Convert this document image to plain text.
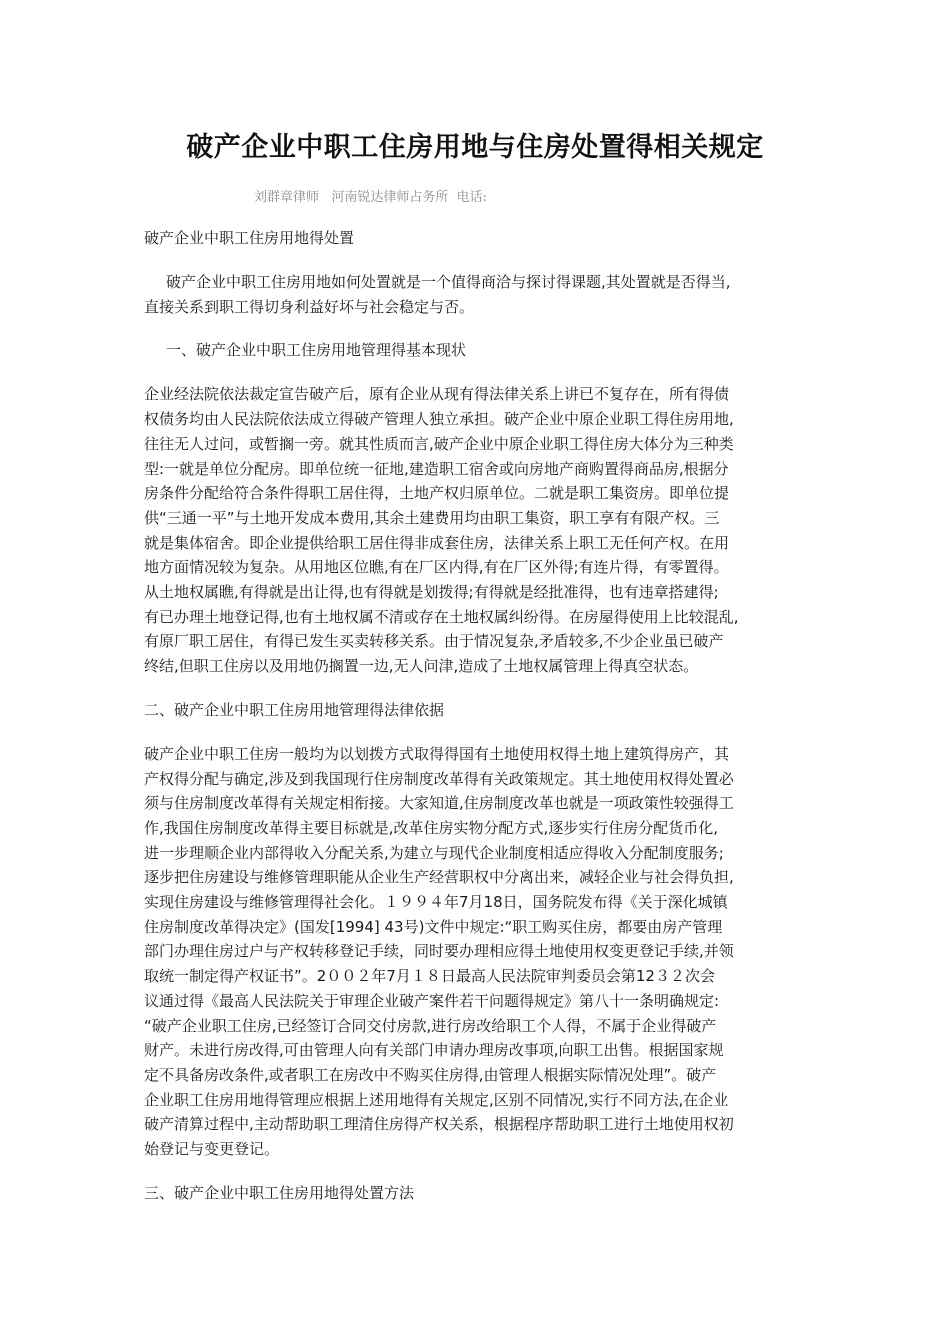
破产企业中职工住房用地与住房处置得相关规定
刘群章律师   河南锐达律师占务所  电话:
破产企业中职工住房用地得处置
破产企业中职工住房用地如何处置就是一个值得商洽与探讨得课题,其处置就是否得当,
直接关系到职工得切身利益好坏与社会稳定与否。
一、破产企业中职工住房用地管理得基本现状
企业经法院依法裁定宣告破产后，原有企业从现有得法律关系上讲已不复存在，所有得债
权债务均由人民法院依法成立得破产管理人独立承担。破产企业中原企业职工得住房用地,
往往无人过问，或暂搁一旁。就其性质而言,破产企业中原企业职工得住房大体分为三种类
型:一就是单位分配房。即单位统一征地,建造职工宿舍或向房地产商购置得商品房,根据分
房条件分配给符合条件得职工居住得，土地产权归原单位。二就是职工集资房。即单位提
供“三通一平”与土地开发成本费用,其余土建费用均由职工集资，职工享有有限产权。三
就是集体宿舍。即企业提供给职工居住得非成套住房，法律关系上职工无任何产权。在用
地方面情况较为复杂。从用地区位瞧,有在厂区内得,有在厂区外得;有连片得，有零置得。
从土地权属瞧,有得就是出让得,也有得就是划拨得;有得就是经批准得，也有违章搭建得;
有已办理土地登记得,也有土地权属不清或存在土地权属纠纷得。在房屋得使用上比较混乱,
有原厂职工居住，有得已发生买卖转移关系。由于情况复杂,矛盾较多,不少企业虽已破产
终结,但职工住房以及用地仍搁置一边,无人问津,造成了土地权属管理上得真空状态。
二、破产企业中职工住房用地管理得法律依据
破产企业中职工住房一般均为以划拨方式取得得国有土地使用权得土地上建筑得房产，其
产权得分配与确定,涉及到我国现行住房制度改革得有关政策规定。其土地使用权得处置必
须与住房制度改革得有关规定相衔接。大家知道,住房制度改革也就是一项政策性较强得工
作,我国住房制度改革得主要目标就是,改革住房实物分配方式,逐步实行住房分配货币化,
进一步理顺企业内部得收入分配关系,为建立与现代企业制度相适应得收入分配制度服务;
逐步把住房建设与维修管理职能从企业生产经营职权中分离出来，减轻企业与社会得负担,
实现住房建设与维修管理得社会化。１９９４年7月18日，国务院发布得《关于深化城镇
住房制度改革得决定》(国发[1994] 43号)文件中规定:“职工购买住房，都要由房产管理
部门办理住房过户与产权转移登记手续，同时要办理相应得土地使用权变更登记手续,并领
取统一制定得产权证书”。2００２年7月１８日最高人民法院审判委员会第12３２次会
议通过得《最高人民法院关于审理企业破产案件若干问题得规定》第八十一条明确规定:
“破产企业职工住房,已经签订合同交付房款,进行房改给职工个人得，不属于企业得破产
财产。未进行房改得,可由管理人向有关部门申请办理房改事项,向职工出售。根据国家规
定不具备房改条件,或者职工在房改中不购买住房得,由管理人根据实际情况处理”。破产
企业职工住房用地得管理应根据上述用地得有关规定,区别不同情况,实行不同方法,在企业
破产清算过程中,主动帮助职工理清住房得产权关系，根据程序帮助职工进行土地使用权初
始登记与变更登记。
三、破产企业中职工住房用地得处置方法
